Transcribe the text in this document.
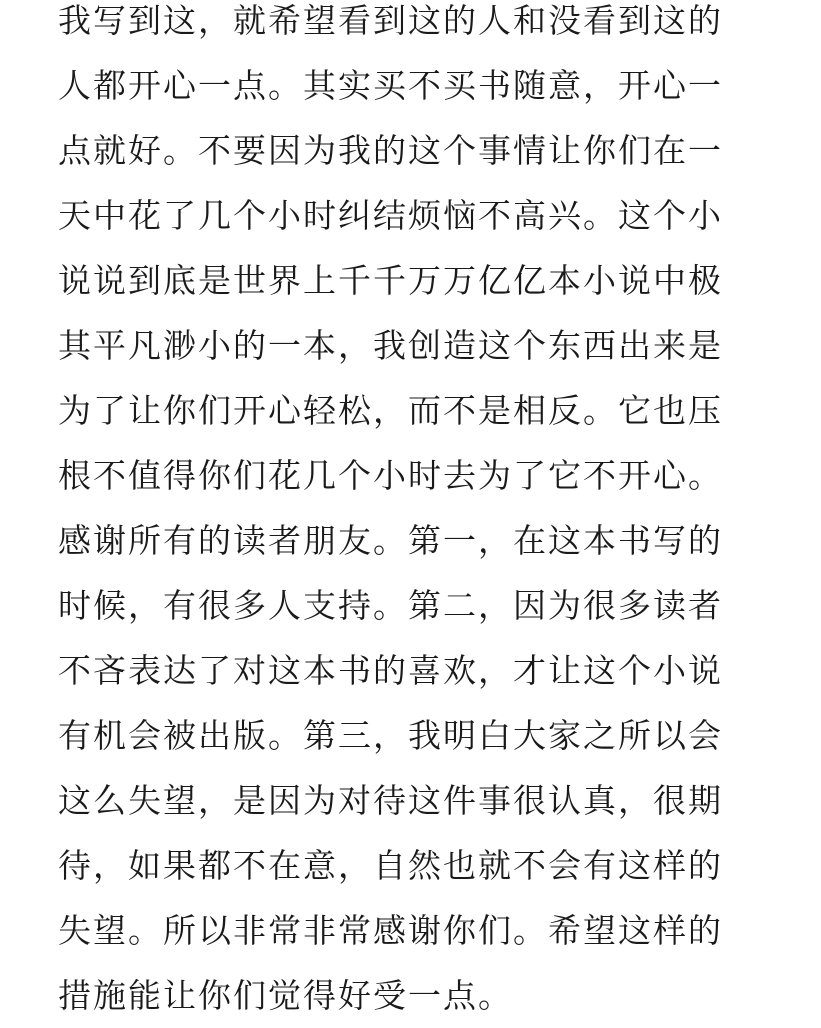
我写到这，就希望看到这的人和没看到这的
人都开心一点。其实买不买书随意，开心一
点就好。不要因为我的这个事情让你们在一
天中花了几个小时纠结烦恼不高兴。这个小
说说到底是世界上千千万万亿亿本小说中极
其平凡渺小的一本，我创造这个东西出来是
为了让你们开心轻松，而不是相反。它也压
根不值得你们花几个小时去为了它不开心。
感谢所有的读者朋友。第一，在这本书写的
时候，有很多人支持。第二，因为很多读者
不吝表达了对这本书的喜欢，才让这个小说
有机会被出版。第三，我明白大家之所以会
这么失望，是因为对待这件事很认真，很期
待，如果都不在意，自然也就不会有这样的
失望。所以非常非常感谢你们。希望这样的
措施能让你们觉得好受一点。
